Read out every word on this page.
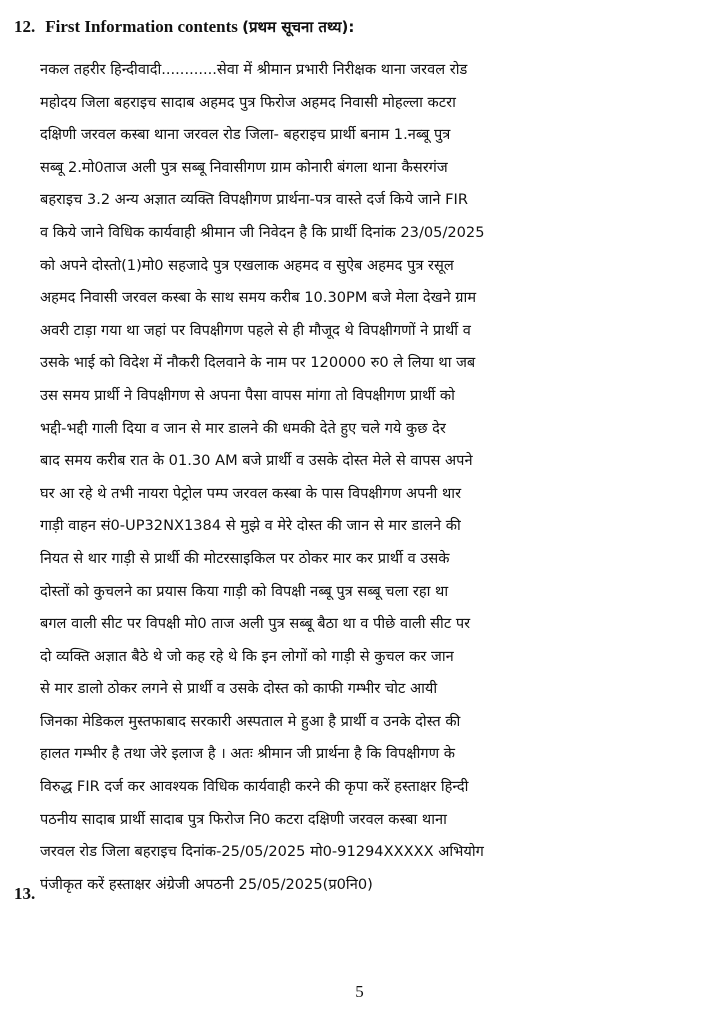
12. First Information contents (प्रथम सूचना तथ्य):
नकल तहरीर हिन्दीवादी............सेवा में श्रीमान प्रभारी निरीक्षक थाना जरवल रोड
महोदय जिला बहराइच सादाब अहमद पुत्र फिरोज अहमद निवासी मोहल्ला कटरा
दक्षिणी जरवल कस्बा थाना जरवल रोड जिला- बहराइच प्रार्थी बनाम 1.नब्बू पुत्र
सब्बू 2.मो0ताज अली पुत्र सब्बू निवासीगण ग्राम कोनारी बंगला थाना कैसरगंज
बहराइच 3.2 अन्य अज्ञात व्यक्ति विपक्षीगण प्रार्थना-पत्र वास्ते दर्ज किये जाने FIR
व किये जाने विधिक कार्यवाही श्रीमान जी निवेदन है कि प्रार्थी दिनांक 23/05/2025
को अपने दोस्तो(1)मो0 सहजादे पुत्र एखलाक अहमद व सुऐब अहमद पुत्र रसूल
अहमद निवासी जरवल कस्बा के साथ समय करीब 10.30PM बजे मेला देखने ग्राम
अवरी टाड़ा गया था जहां पर विपक्षीगण पहले से ही मौजूद थे विपक्षीगणों ने प्रार्थी व
उसके भाई को विदेश में नौकरी दिलवाने के नाम पर 120000 रु0 ले लिया था जब
उस समय प्रार्थी ने विपक्षीगण से अपना पैसा वापस मांगा तो विपक्षीगण प्रार्थी को
भद्दी-भद्दी गाली दिया व जान से मार डालने की धमकी देते हुए चले गये कुछ देर
बाद समय करीब रात के 01.30 AM बजे प्रार्थी व उसके दोस्त मेले से वापस अपने
घर आ रहे थे तभी नायरा पेट्रोल पम्प जरवल कस्बा के पास विपक्षीगण अपनी थार
गाड़ी वाहन सं0-UP32NX1384 से मुझे व मेरे दोस्त की जान से मार डालने की
नियत से थार गाड़ी से प्रार्थी की मोटरसाइकिल पर ठोकर मार कर प्रार्थी व उसके
दोस्तों को कुचलने का प्रयास किया गाड़ी को विपक्षी नब्बू पुत्र सब्बू चला रहा था
बगल वाली सीट पर विपक्षी मो0 ताज अली पुत्र सब्बू बैठा था व पीछे वाली सीट पर
दो व्यक्ति अज्ञात बैठे थे जो कह रहे थे कि इन लोगों को गाड़ी से कुचल कर जान
से मार डालो ठोकर लगने से प्रार्थी व उसके दोस्त को काफी गम्भीर चोट आयी
जिनका मेडिकल मुस्तफाबाद सरकारी अस्पताल मे हुआ है प्रार्थी व उनके दोस्त की
हालत गम्भीर है तथा जेरे इलाज है । अतः श्रीमान जी प्रार्थना है कि विपक्षीगण के
विरुद्ध FIR दर्ज कर आवश्यक विधिक कार्यवाही करने की कृपा करें हस्ताक्षर हिन्दी
पठनीय सादाब प्रार्थी सादाब पुत्र फिरोज नि0 कटरा दक्षिणी जरवल कस्बा थाना
जरवल रोड जिला बहराइच दिनांक-25/05/2025 मो0-91294XXXXX अभियोग
पंजीकृत करें हस्ताक्षर अंग्रेजी अपठनी 25/05/2025(प्र0नि0)
13.
5
